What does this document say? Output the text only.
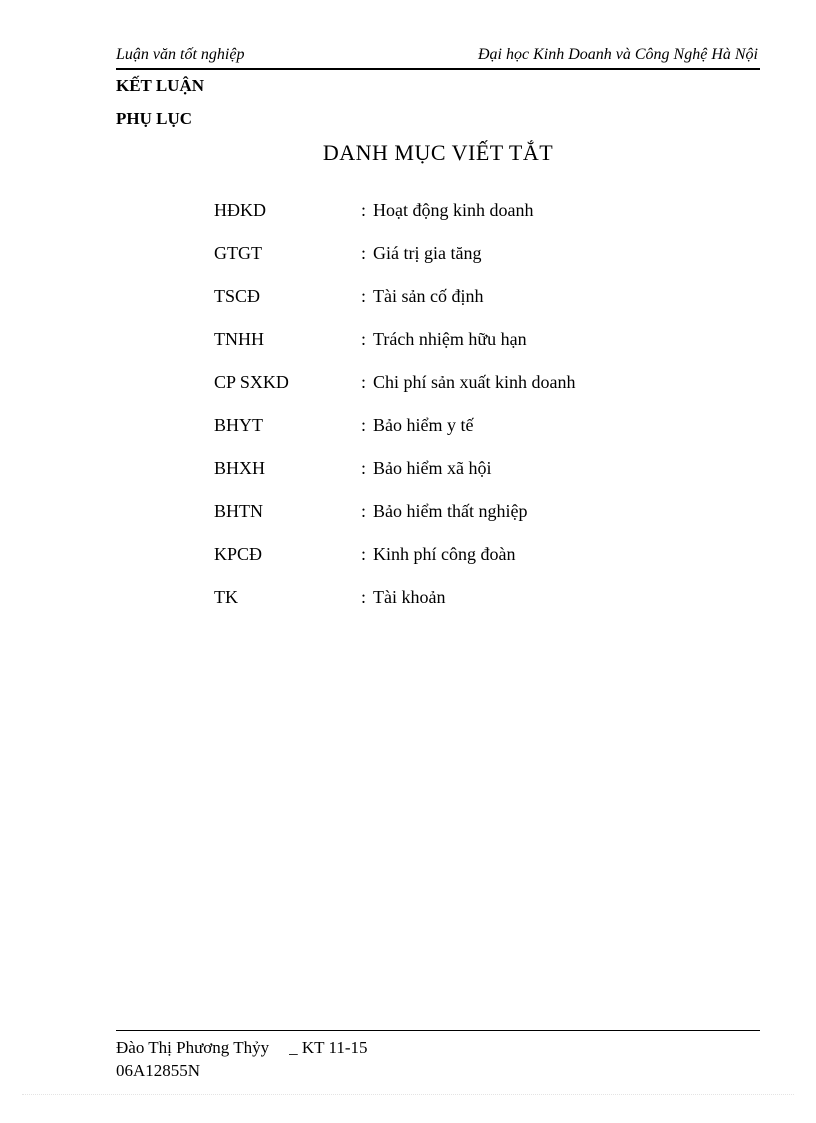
Luận văn tốt nghiệp	Đại học Kinh Doanh và Công Nghệ Hà Nội
KẾT LUẬN
PHỤ LỤC
DANH MỤC VIẾT TẮT
HĐKD	: Hoạt động kinh doanh
GTGT	: Giá trị gia tăng
TSCĐ	: Tài sản cố định
TNHH	: Trách nhiệm hữu hạn
CP SXKD	: Chi phí sản xuất kinh doanh
BHYT	: Bảo hiểm y tế
BHXH	: Bảo hiểm xã hội
BHTN	: Bảo hiểm thất nghiệp
KPCĐ	: Kinh phí công đoàn
TK	: Tài khoản
Đào Thị Phương Thỷy _ KT 11-15
06A12855N
